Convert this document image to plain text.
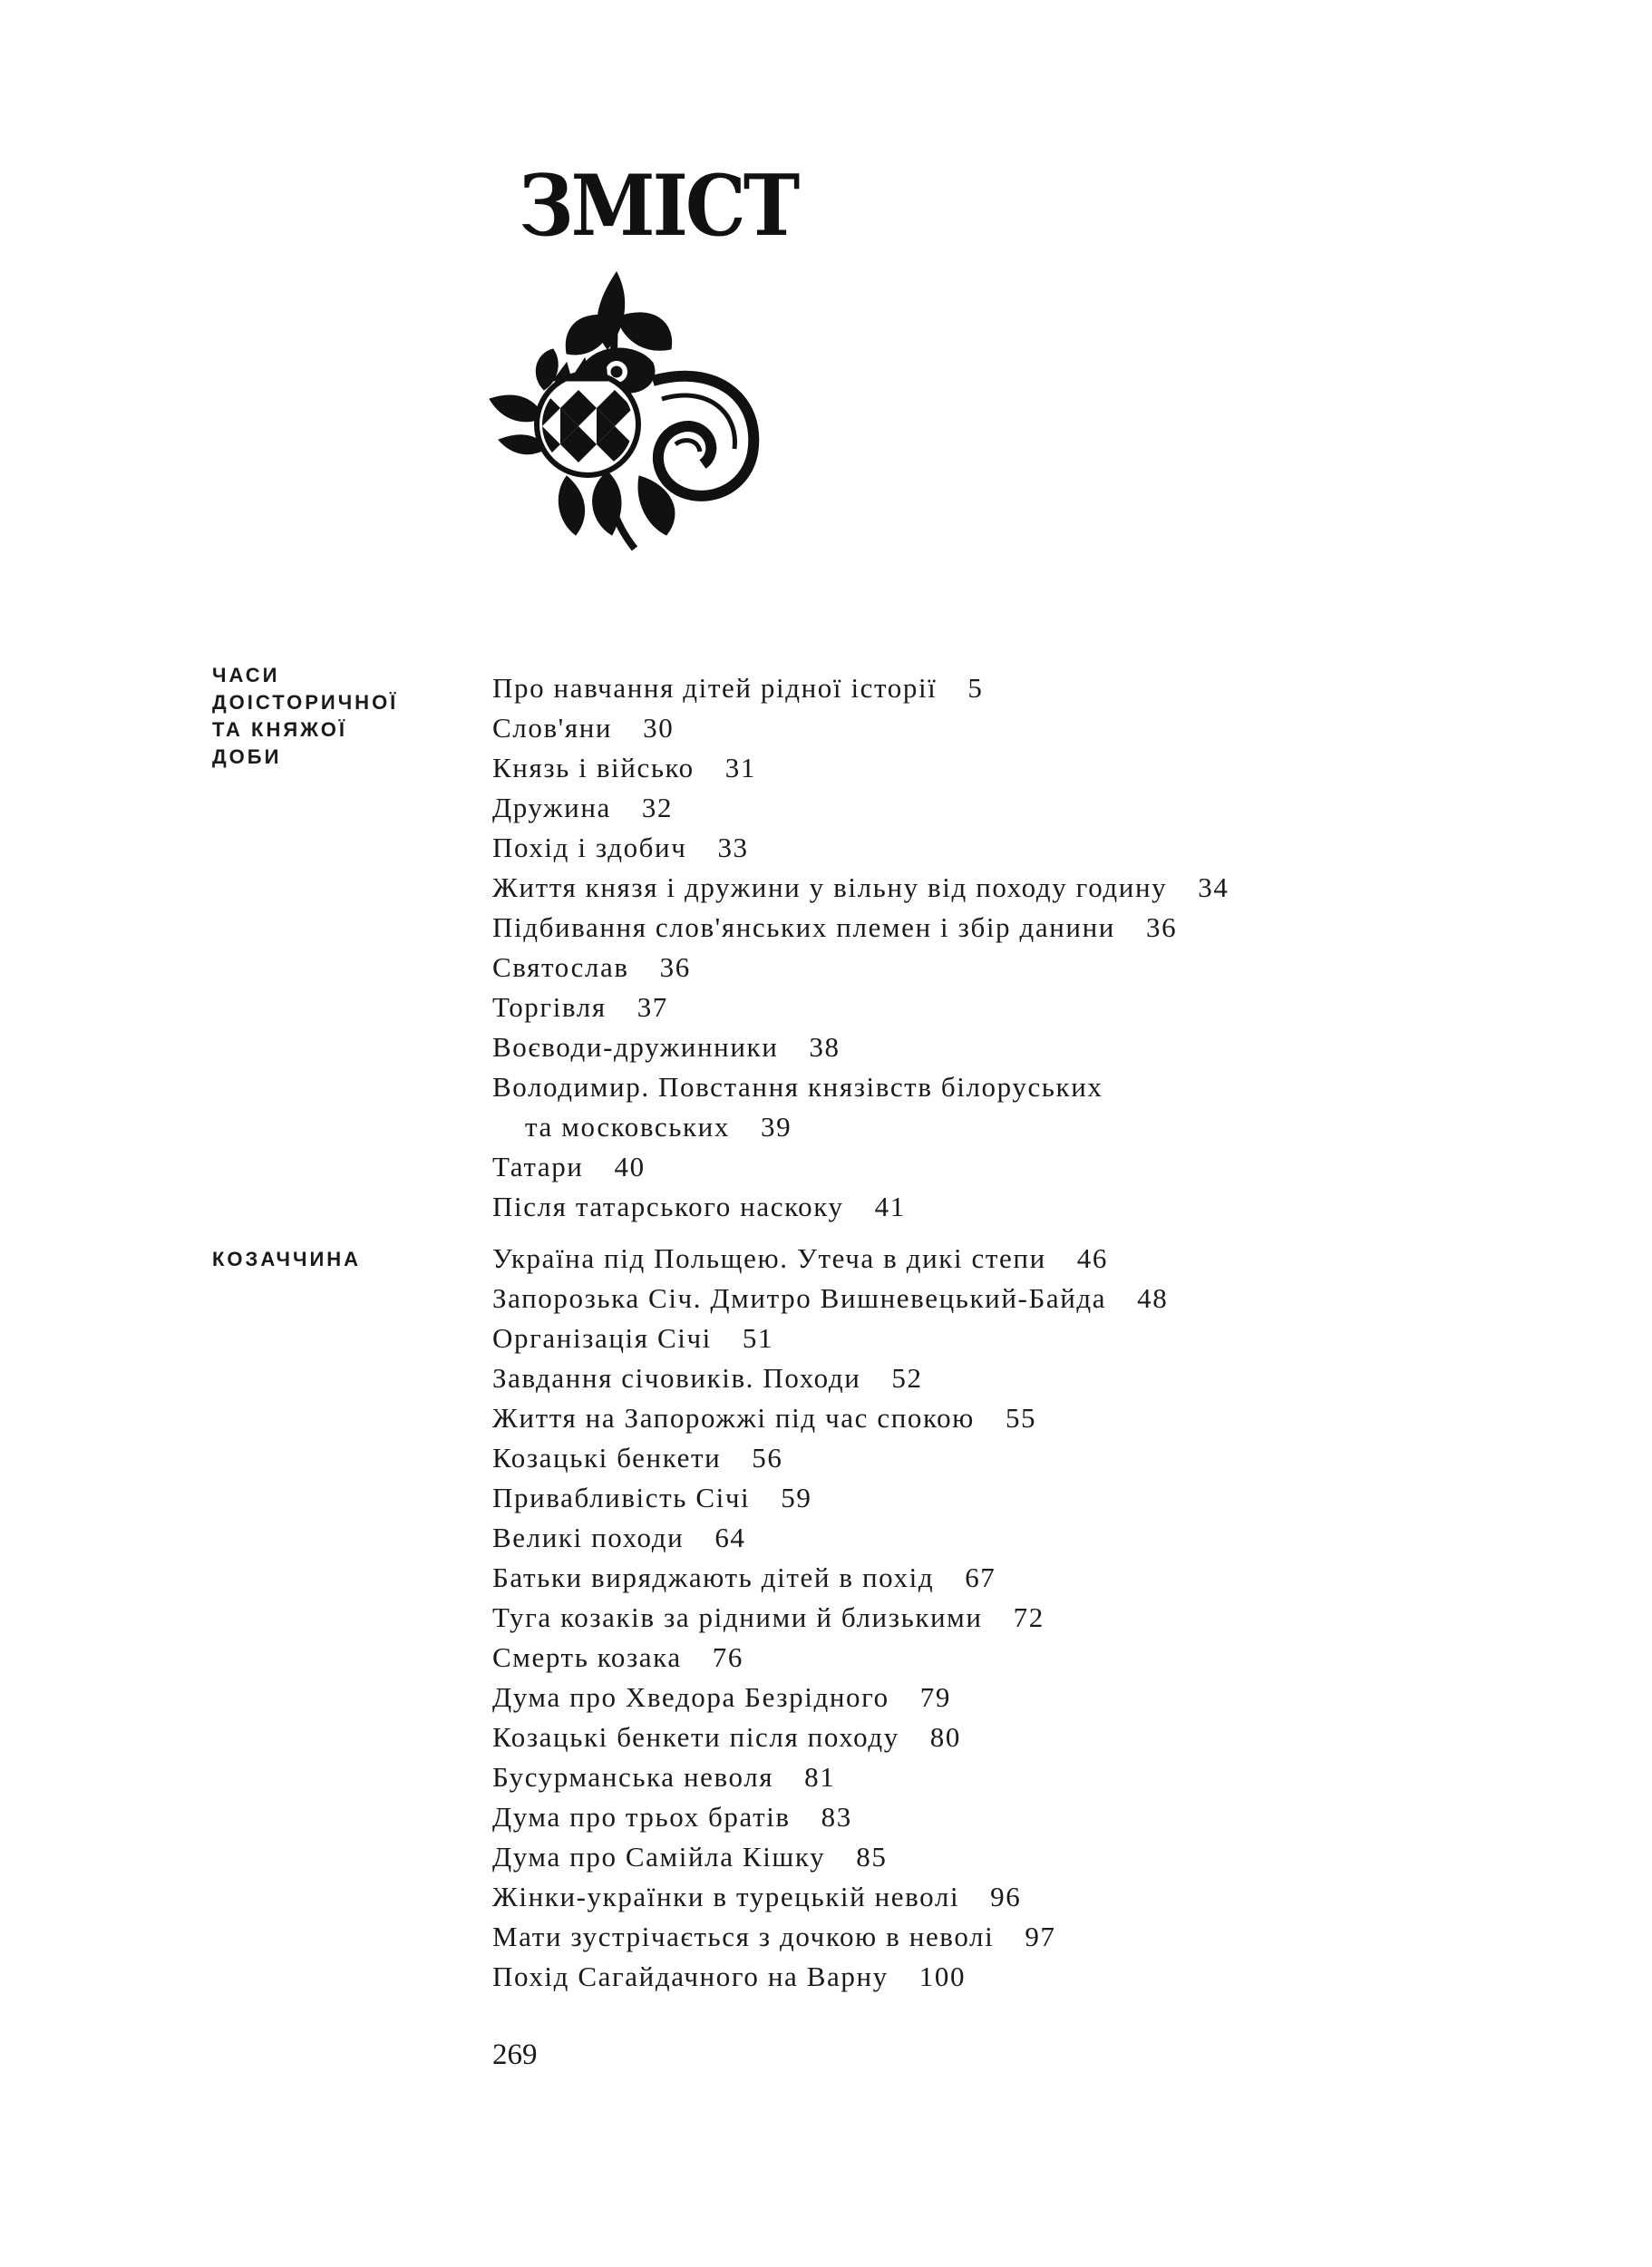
ЗМІСТ
ЧАСИ
ДОІСТОРИЧНОЇ
ТА КНЯЖОЇ
ДОБИ
Про навчання дітей рідної історії 5
Слов'яни 30
Князь і військо 31
Дружина 32
Похід і здобич 33
Життя князя і дружини у вільну від походу годину 34
Підбивання слов'янських племен і збір данини 36
Святослав 36
Торгівля 37
Воєводи-дружинники 38
Володимир. Повстання князівств білоруських
та московських 39
Татари 40
Після татарського наскоку 41
КОЗАЧЧИНА	Україна під Польщею. Утеча в дикі степи 46
Запорозька Січ. Дмитро Вишневецький-Байда 48
Організація Січі 51
Завдання січовиків. Походи 52
Життя на Запорожжі під час спокою 55
Козацькі бенкети 56
Привабливість Січі 59
Великі походи 64
Батьки виряджають дітей в похід 67
Туга козаків за рідними й близькими 72
Смерть козака 76
Дума про Хведора Безрідного 79
Козацькі бенкети після походу 80
Бусурманська неволя 81
Дума про трьох братів 83
Дума про Самійла Кішку 85
Жінки-українки в турецькій неволі 96
Мати зустрічається з дочкою в неволі 97
Похід Сагайдачного на Варну 100
269
